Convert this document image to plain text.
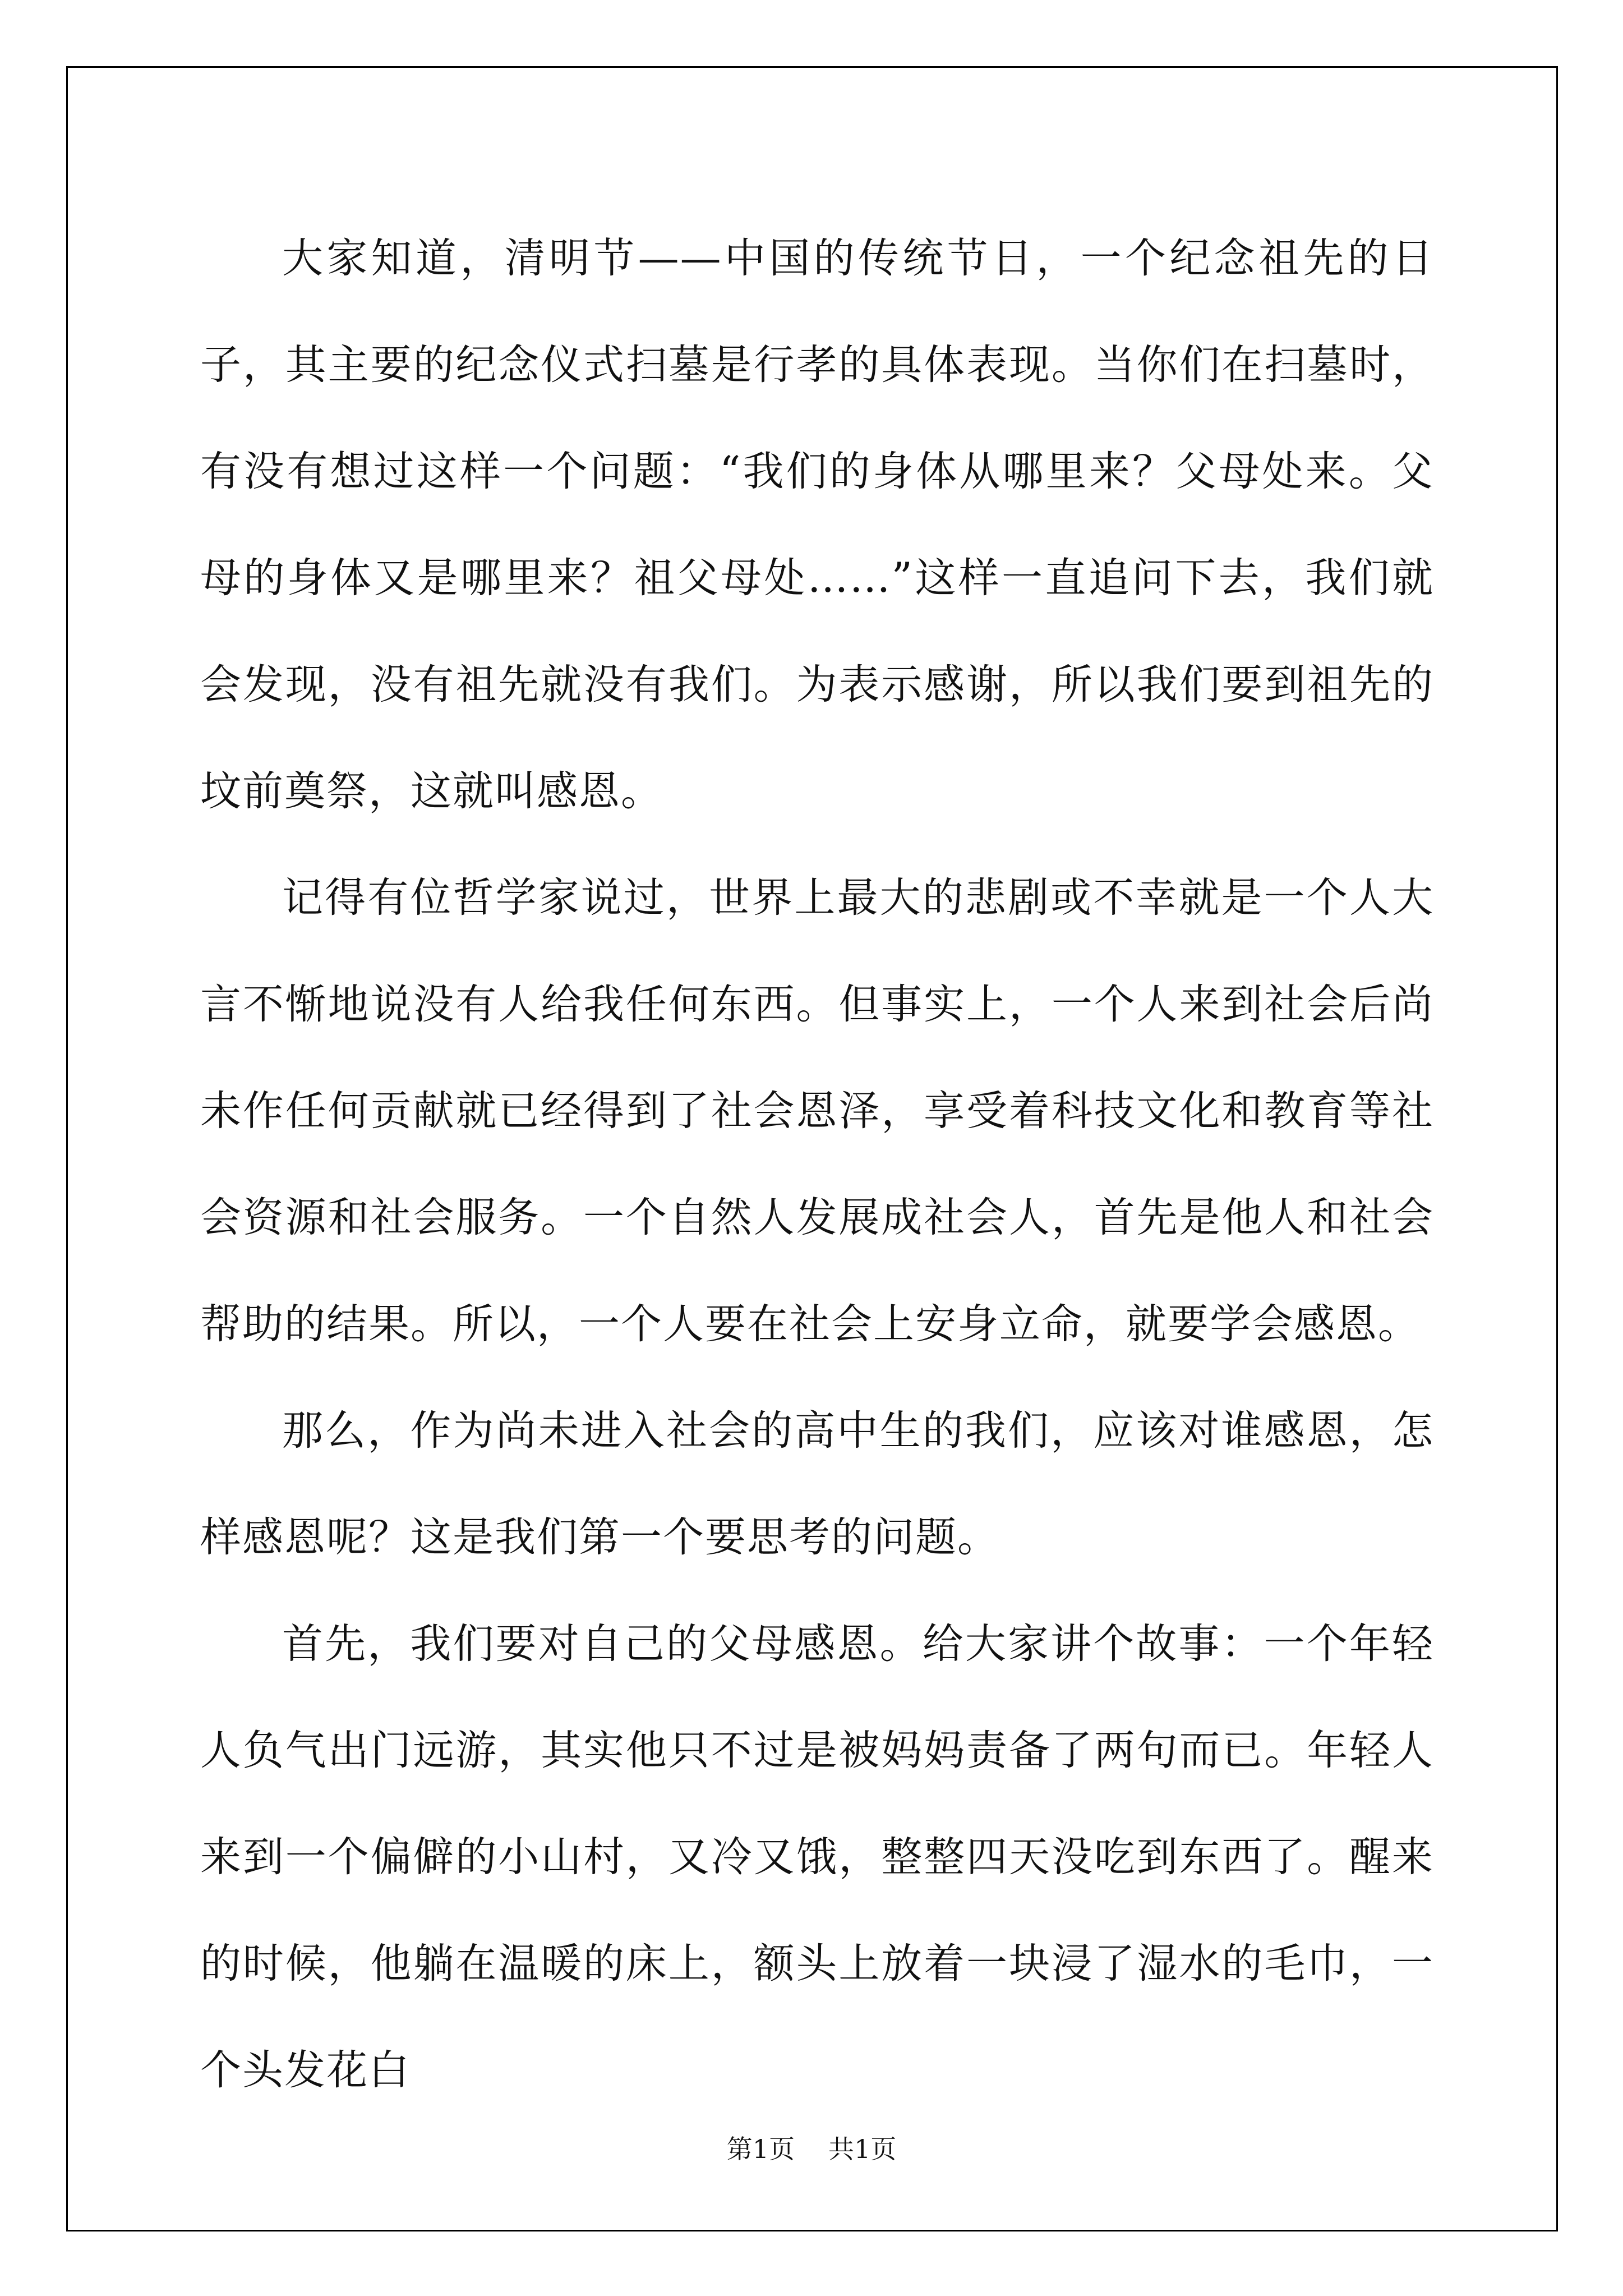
大家知道，清明节——中国的传统节日，一个纪念祖先的日子，其主要的纪念仪式扫墓是行孝的具体表现。当你们在扫墓时，有没有想过这样一个问题：“我们的身体从哪里来？父母处来。父母的身体又是哪里来？祖父母处……”这样一直追问下去，我们就会发现，没有祖先就没有我们。为表示感谢，所以我们要到祖先的坟前奠祭，这就叫感恩。

记得有位哲学家说过，世界上最大的悲剧或不幸就是一个人大言不惭地说没有人给我任何东西。但事实上，一个人来到社会后尚未作任何贡献就已经得到了社会恩泽，享受着科技文化和教育等社会资源和社会服务。一个自然人发展成社会人，首先是他人和社会帮助的结果。所以，一个人要在社会上安身立命，就要学会感恩。

那么，作为尚未进入社会的高中生的我们，应该对谁感恩，怎样感恩呢？这是我们第一个要思考的问题。

首先，我们要对自己的父母感恩。给大家讲个故事：一个年轻人负气出门远游，其实他只不过是被妈妈责备了两句而已。年轻人来到一个偏僻的小山村，又冷又饿，整整四天没吃到东西了。醒来的时候，他躺在温暖的床上，额头上放着一块浸了湿水的毛巾，一个头发花白

第1页 共1页
